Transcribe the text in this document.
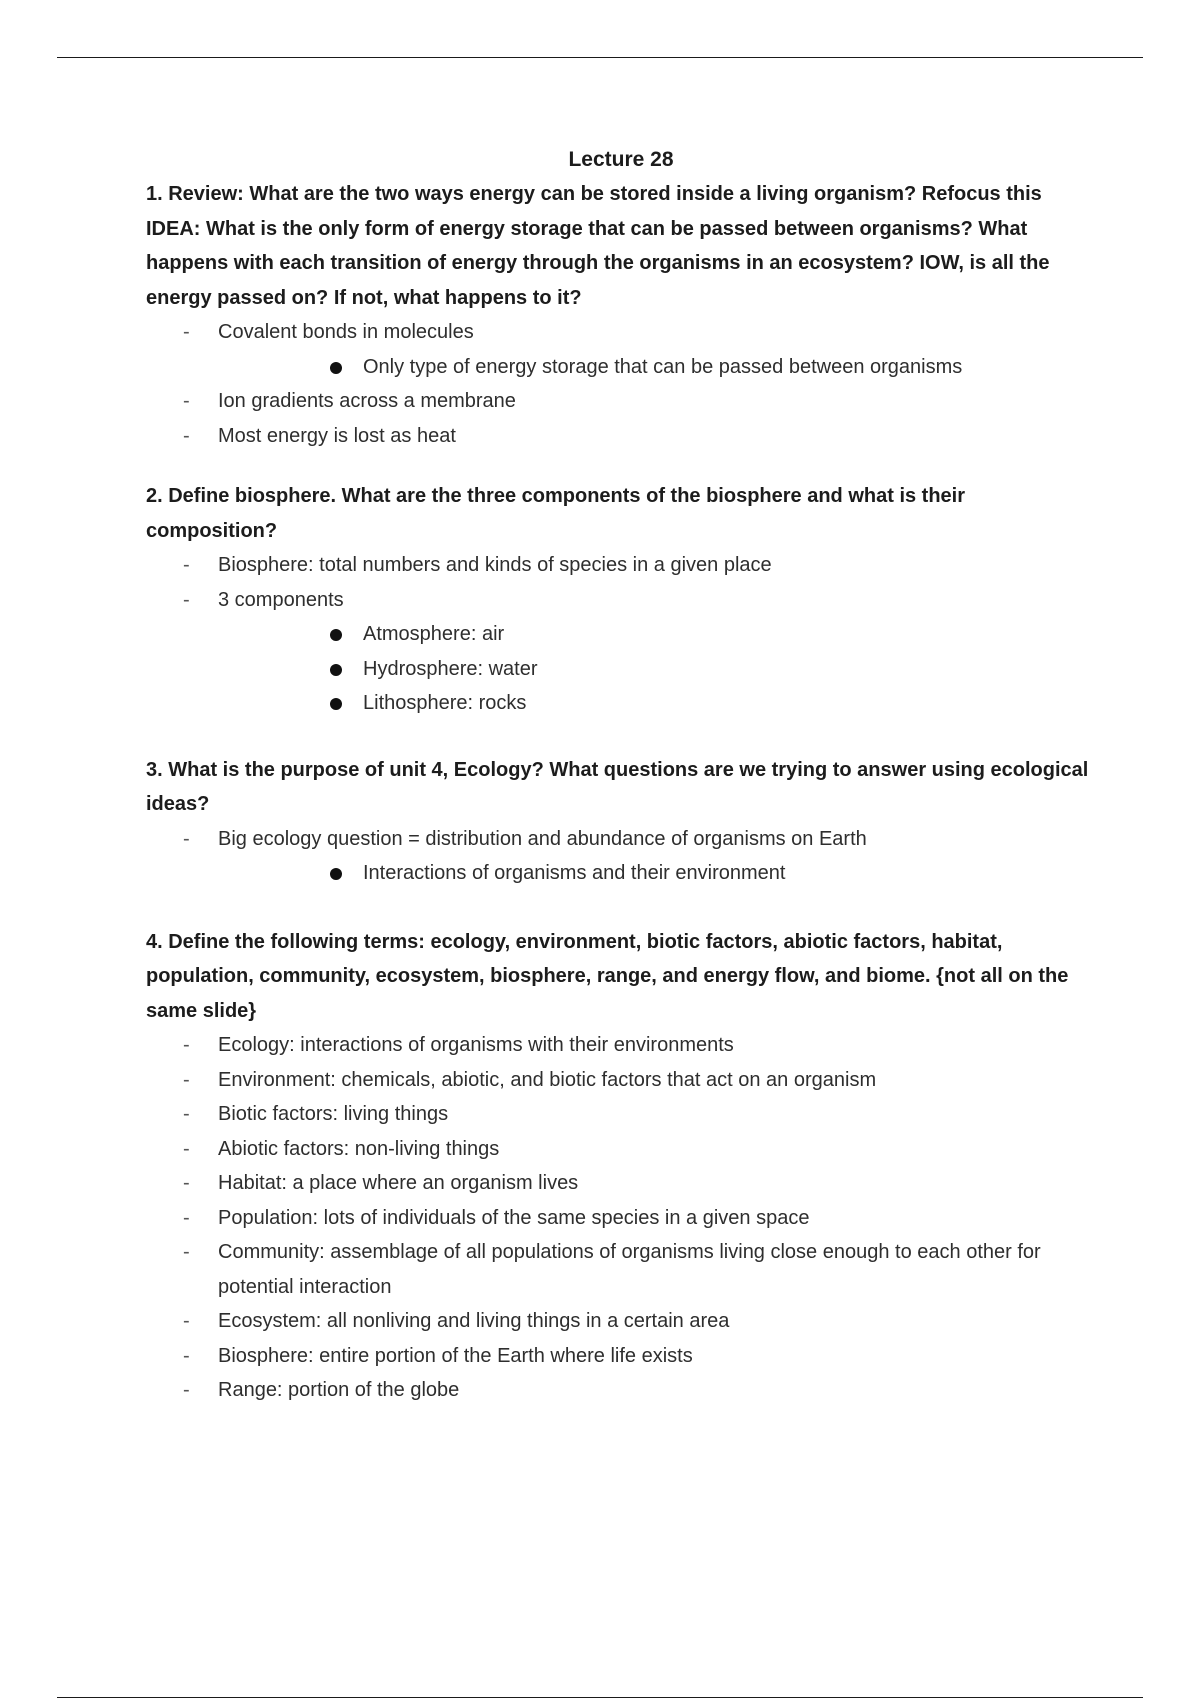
Lecture 28

1. Review: What are the two ways energy can be stored inside a living organism? Refocus this IDEA: What is the only form of energy storage that can be passed between organisms? What happens with each transition of energy through the organisms in an ecosystem? IOW, is all the energy passed on? If not, what happens to it?

- Covalent bonds in molecules
Only type of energy storage that can be passed between organisms
- Ion gradients across a membrane
- Most energy is lost as heat

2. Define biosphere. What are the three components of the biosphere and what is their composition?

- Biosphere: total numbers and kinds of species in a given place
- 3 components
Atmosphere: air
Hydrosphere: water
Lithosphere: rocks

3. What is the purpose of unit 4, Ecology? What questions are we trying to answer using ecological ideas?

- Big ecology question = distribution and abundance of organisms on Earth
Interactions of organisms and their environment

4. Define the following terms: ecology, environment, biotic factors, abiotic factors, habitat, population, community, ecosystem, biosphere, range, and energy flow, and biome. {not all on the same slide}

- Ecology: interactions of organisms with their environments
- Environment: chemicals, abiotic, and biotic factors that act on an organism
- Biotic factors: living things
- Abiotic factors: non-living things
- Habitat: a place where an organism lives
- Population: lots of individuals of the same species in a given space
- Community: assemblage of all populations of organisms living close enough to each other for potential interaction
- Ecosystem: all nonliving and living things in a certain area
- Biosphere: entire portion of the Earth where life exists
- Range: portion of the globe
